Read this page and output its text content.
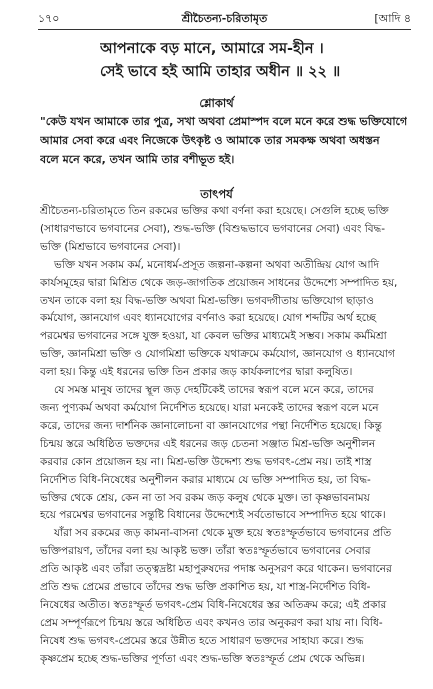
১৭০	শ্রীচৈতন্য-চরিতামৃত	[আদি ৪
আপনাকে বড় মানে, আমারে সম-হীন ।
সেই ভাবে হই আমি তাহার অধীন ॥ ২২ ॥
শ্লোকার্থ
"কেউ যখন আমাকে তার পুত্র, সখা অথবা প্রেমাস্পদ বলে মনে করে শুদ্ধ ভক্তিযোগে
আমার সেবা করে এবং নিজেকে উৎকৃষ্ট ও আমাকে তার সমকক্ষ অথবা অধস্তন
বলে মনে করে, তখন আমি তার বশীভূত হই।
তাৎপর্য
শ্রীচৈতন্য-চরিতামৃতে তিন রকমের ভক্তির কথা বর্ণনা করা হয়েছে। সেগুলি হচ্ছে ভক্তি
(সাধারণভাবে ভগবানের সেবা), শুদ্ধ-ভক্তি (বিশুদ্ধভাবে ভগবানের সেবা) এবং বিদ্ধ-
ভক্তি (মিশ্রভাবে ভগবানের সেবা)।
ভক্তি যখন সকাম কর্ম, মনোধর্ম-প্রসূত জল্পনা-কল্পনা অথবা অতীন্দ্রিয় যোগ আদি
কার্যসমূহের দ্বারা মিশ্রিত থেকে জড়-জাগতিক প্রয়োজন সাধনের উদ্দেশ্যে সম্পাদিত হয়,
তখন তাকে বলা হয় বিদ্ধ-ভক্তি অথবা মিশ্র-ভক্তি। ভগবদ্গীতায় ভক্তিযোগ ছাড়াও
কর্মযোগ, জ্ঞানযোগ এবং ধ্যানযোগের বর্ণনাও করা হয়েছে। যোগ শব্দটির অর্থ হচ্ছে
পরমেশ্বর ভগবানের সঙ্গে যুক্ত হওয়া, যা কেবল ভক্তির মাধ্যমেই সম্ভব। সকাম কর্মমিশ্রা
ভক্তি, জ্ঞানমিশ্রা ভক্তি ও যোগমিশ্রা ভক্তিকে যথাক্রমে কর্মযোগ, জ্ঞানযোগ ও ধ্যানযোগ
বলা হয়। কিন্তু এই ধরনের ভক্তি তিন প্রকার জড় কার্যকলাপের দ্বারা কলুষিত।
যে সমস্ত মানুষ তাদের স্থূল জড় দেহটিকেই তাদের স্বরূপ বলে মনে করে, তাদের
জন্য পুণ্যকর্ম অথবা কর্মযোগ নির্দেশিত হয়েছে। যারা মনকেই তাদের স্বরূপ বলে মনে
করে, তাদের জন্য দার্শনিক জ্ঞানালোচনা বা জ্ঞানযোগের পন্থা নির্দেশিত হয়েছে। কিন্তু
চিন্ময় স্তরে অধিষ্ঠিত ভক্তদের এই ধরনের জড় চেতনা সঞ্জাত মিশ্র-ভক্তি অনুশীলন
করবার কোন প্রয়োজন হয় না। মিশ্র-ভক্তি উদ্দেশ্য শুদ্ধ ভগবৎ-প্রেম নয়। তাই শাস্ত্র
নির্দেশিত বিধি-নিষেধের অনুশীলন করার মাধ্যমে যে ভক্তি সম্পাদিত হয়, তা বিদ্ধ-
ভক্তির থেকে শ্রেয়, কেন না তা সব রকম জড় কলুষ থেকে মুক্ত। তা কৃষ্ণভাবনাময়
হয়ে পরমেশ্বর ভগবানের সন্তুষ্টি বিধানের উদ্দেশ্যেই সর্বতোভাবে সম্পাদিত হয়ে থাকে।
যাঁরা সব রকমের জড় কামনা-বাসনা থেকে মুক্ত হয়ে স্বতঃস্ফূর্তভাবে ভগবানের প্রতি
ভক্তিপরায়ণ, তাঁদের বলা হয় আকৃষ্ট ভক্ত। তাঁরা স্বতঃস্ফূর্তভাবে ভগবানের সেবার
প্রতি আকৃষ্ট এবং তাঁরা তত্ত্বদ্রষ্টা মহাপুরুষদের পদাঙ্ক অনুসরণ করে থাকেন। ভগবানের
প্রতি শুদ্ধ প্রেমের প্রভাবে তাঁদের শুদ্ধ ভক্তি প্রকাশিত হয়, যা শাস্ত্র-নির্দেশিত বিধি-
নিষেধের অতীত। স্বতঃস্ফূর্ত ভগবৎ-প্রেম বিধি-নিষেধের স্তর অতিক্রম করে; এই প্রকার
প্রেম সম্পূর্ণরূপে চিন্ময় স্তরে অধিষ্ঠিত এবং কখনও তার অনুকরণ করা যায় না। বিধি-
নিষেধ শুদ্ধ ভগবৎ-প্রেমের স্তরে উন্নীত হতে সাধারণ ভক্তদের সাহায্য করে। শুদ্ধ
কৃষ্ণপ্রেম হচ্ছে শুদ্ধ-ভক্তির পূর্ণতা এবং শুদ্ধ-ভক্তি স্বতঃস্ফূর্ত প্রেম থেকে অভিন্ন।
